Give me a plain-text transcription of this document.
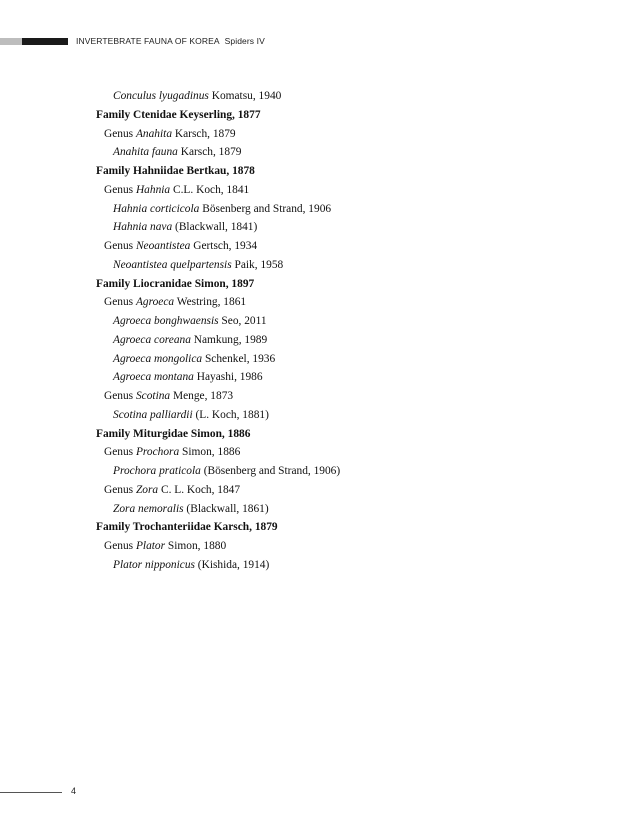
INVERTEBRATE FAUNA OF KOREA Spiders IV
Conculus lyugadinus Komatsu, 1940
Family Ctenidae Keyserling, 1877
Genus Anahita Karsch, 1879
Anahita fauna Karsch, 1879
Family Hahniidae Bertkau, 1878
Genus Hahnia C.L. Koch, 1841
Hahnia corticicola Bösenberg and Strand, 1906
Hahnia nava (Blackwall, 1841)
Genus Neoantistea Gertsch, 1934
Neoantistea quelpartensis Paik, 1958
Family Liocranidae Simon, 1897
Genus Agroeca Westring, 1861
Agroeca bonghwaensis Seo, 2011
Agroeca coreana Namkung, 1989
Agroeca mongolica Schenkel, 1936
Agroeca montana Hayashi, 1986
Genus Scotina Menge, 1873
Scotina palliardii (L. Koch, 1881)
Family Miturgidae Simon, 1886
Genus Prochora Simon, 1886
Prochora praticola (Bösenberg and Strand, 1906)
Genus Zora C. L. Koch, 1847
Zora nemoralis (Blackwall, 1861)
Family Trochanteriidae Karsch, 1879
Genus Plator Simon, 1880
Plator nipponicus (Kishida, 1914)
4
